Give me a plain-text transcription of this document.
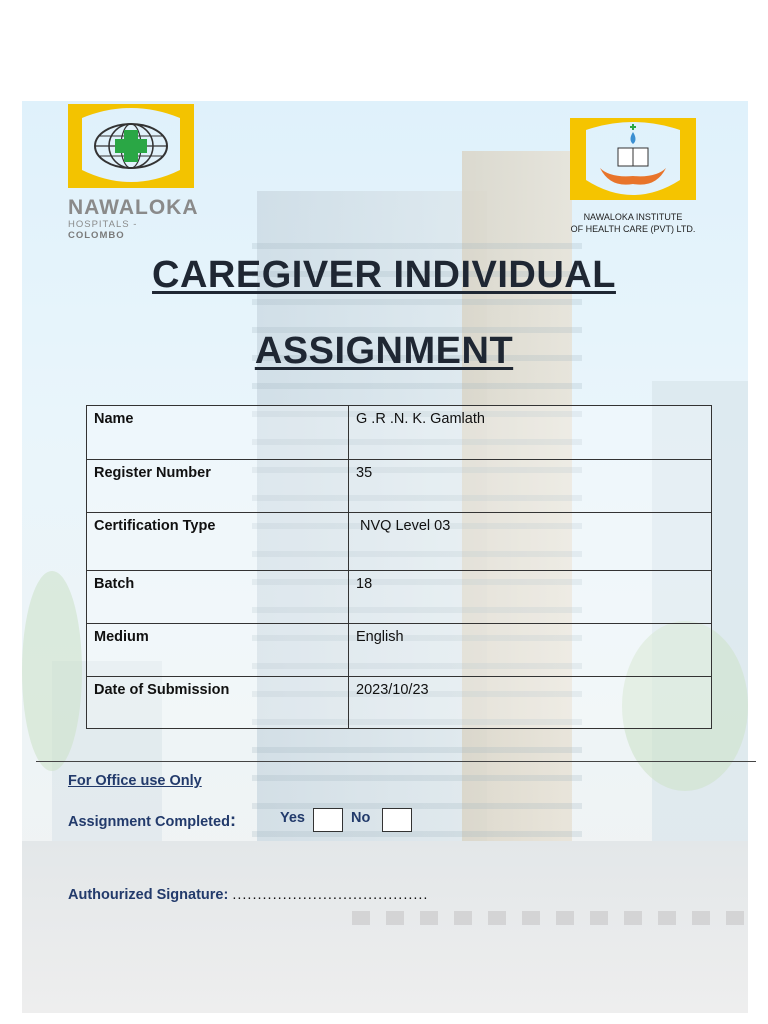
NAWALOKA
HOSPITALS - COLOMBO
NAWALOKA INSTITUTE
OF HEALTH CARE (PVT) LTD.
CAREGIVER INDIVIDUAL
ASSIGNMENT
Name	G .R .N. K. Gamlath
Register Number	35
Certification Type	NVQ Level 03
Batch	18
Medium	English
Date of Submission	2023/10/23
For Office use Only
Assignment Completed:	Yes	No
Authourized Signature: .......................................
